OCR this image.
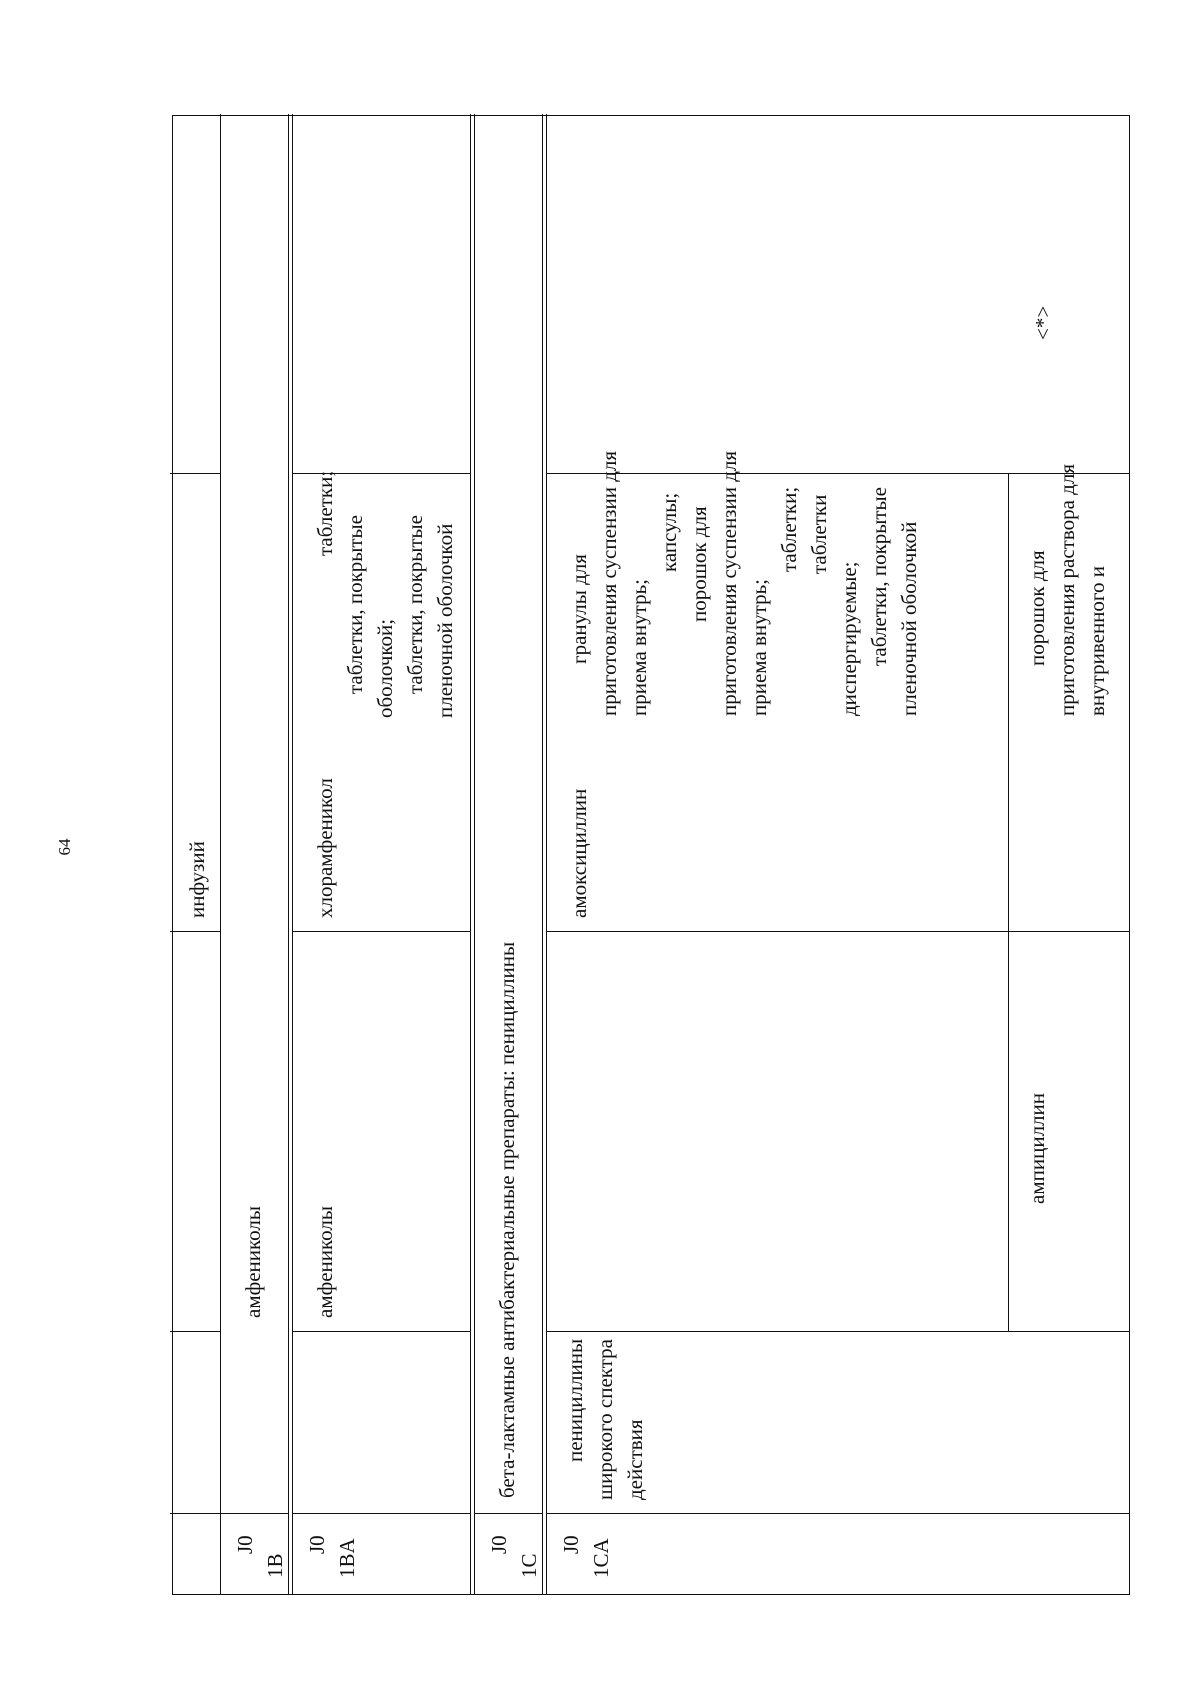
64	инфузий
J0
1B
амфениколы
J0 1BA
амфениколы
хлорамфеникол
таблетки;
таблетки, покрытые оболочкой; таблетки, покрытые пленочной оболочкой
J0
1C
бета-лактамные антибактериальные препараты: пенициллины
J0 1CA
пенициллины широкого спектра действия
амоксициллин
гранулы для приготовления суспензии для приема внутрь;
капсулы; порошок для приготовления суспензии для приема внутрь;
таблетки; таблетки
диспергируемые; таблетки, покрытые пленочной оболочкой
ампициллин
порошок для приготовления раствора для внутривенного и
<*>
